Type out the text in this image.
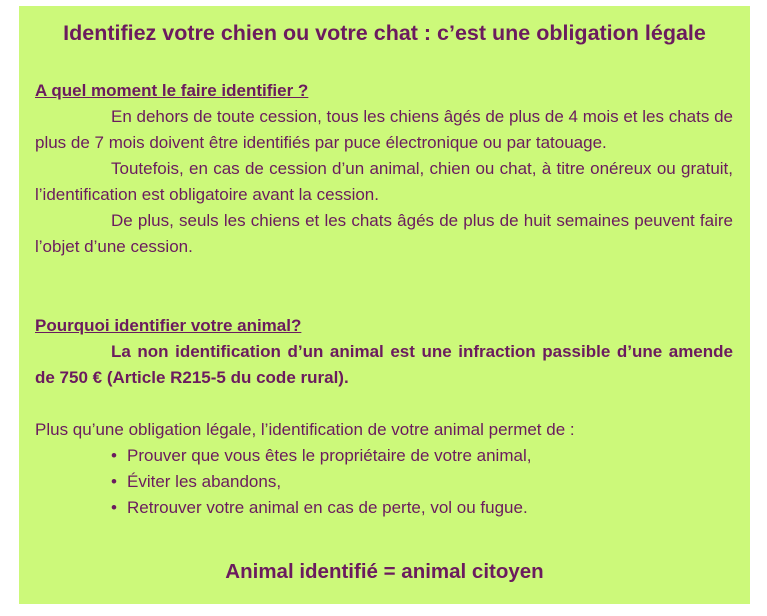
Identifiez votre chien ou votre chat : c’est une obligation légale
A quel moment le faire identifier ?

En dehors de toute cession, tous les chiens âgés de plus de 4 mois et les chats de plus de 7 mois doivent être identifiés par puce électronique ou par tatouage.

Toutefois, en cas de cession d’un animal, chien ou chat, à titre onéreux ou gratuit, l’identification est obligatoire avant la cession.

De plus, seuls les chiens et les chats âgés de plus de huit semaines peuvent faire l’objet d’une cession.

Pourquoi identifier votre animal?

La non identification d’un animal est une infraction passible d’une amende de 750 € (Article R215-5 du code rural).

Plus qu’une obligation légale, l’identification de votre animal permet de :

• Prouver que vous êtes le propriétaire de votre animal,
• Éviter les abandons,
• Retrouver votre animal en cas de perte, vol ou fugue.
Animal identifié = animal citoyen
